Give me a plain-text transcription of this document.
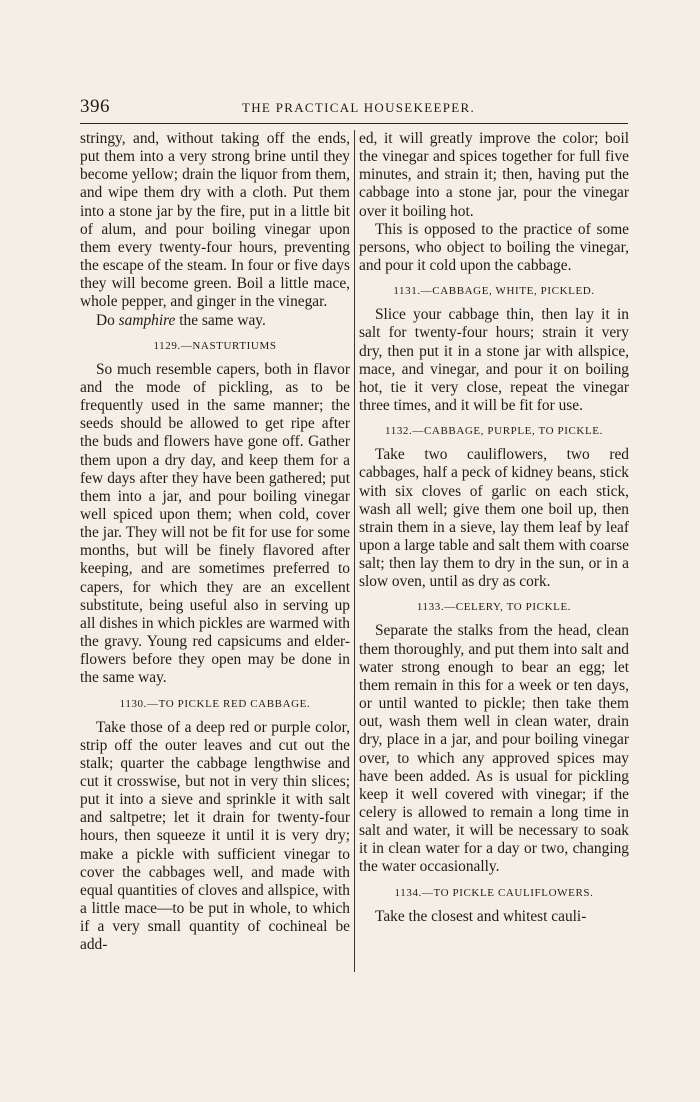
396	THE PRACTICAL HOUSEKEEPER.

stringy, and, without taking off the ends, put them into a very strong brine until they become yellow; drain the liquor from them, and wipe them dry with a cloth. Put them into a stone jar by the fire, put in a little bit of alum, and pour boiling vinegar upon them every twenty-four hours, preventing the escape of the steam. In four or five days they will become green. Boil a little mace, whole pepper, and ginger in the vinegar.

Do samphire the same way.

1129.—NASTURTIUMS

So much resemble capers, both in flavor and the mode of pickling, as to be frequently used in the same manner; the seeds should be allowed to get ripe after the buds and flowers have gone off. Gather them upon a dry day, and keep them for a few days after they have been gathered; put them into a jar, and pour boiling vinegar well spiced upon them; when cold, cover the jar. They will not be fit for use for some months, but will be finely flavored after keeping, and are sometimes preferred to capers, for which they are an excellent substitute, being useful also in serving up all dishes in which pickles are warmed with the gravy. Young red capsicums and elder-flowers before they open may be done in the same way.

1130.—TO PICKLE RED CABBAGE.

Take those of a deep red or purple color, strip off the outer leaves and cut out the stalk; quarter the cabbage lengthwise and cut it crosswise, but not in very thin slices; put it into a sieve and sprinkle it with salt and saltpetre; let it drain for twenty-four hours, then squeeze it until it is very dry; make a pickle with sufficient vinegar to cover the cabbages well, and made with equal quantities of cloves and allspice, with a little mace—to be put in whole, to which if a very small quantity of cochineal be add-

ed, it will greatly improve the color; boil the vinegar and spices together for full five minutes, and strain it; then, having put the cabbage into a stone jar, pour the vinegar over it boiling hot.

This is opposed to the practice of some persons, who object to boiling the vinegar, and pour it cold upon the cabbage.

1131.—CABBAGE, WHITE, PICKLED.

Slice your cabbage thin, then lay it in salt for twenty-four hours; strain it very dry, then put it in a stone jar with allspice, mace, and vinegar, and pour it on boiling hot, tie it very close, repeat the vinegar three times, and it will be fit for use.

1132.—CABBAGE, PURPLE, TO PICKLE.

Take two cauliflowers, two red cabbages, half a peck of kidney beans, stick with six cloves of garlic on each stick, wash all well; give them one boil up, then strain them in a sieve, lay them leaf by leaf upon a large table and salt them with coarse salt; then lay them to dry in the sun, or in a slow oven, until as dry as cork.

1133.—CELERY, TO PICKLE.

Separate the stalks from the head, clean them thoroughly, and put them into salt and water strong enough to bear an egg; let them remain in this for a week or ten days, or until wanted to pickle; then take them out, wash them well in clean water, drain dry, place in a jar, and pour boiling vinegar over, to which any approved spices may have been added. As is usual for pickling keep it well covered with vinegar; if the celery is allowed to remain a long time in salt and water, it will be necessary to soak it in clean water for a day or two, changing the water occasionally.

1134.—TO PICKLE CAULIFLOWERS.

Take the closest and whitest cauli-
